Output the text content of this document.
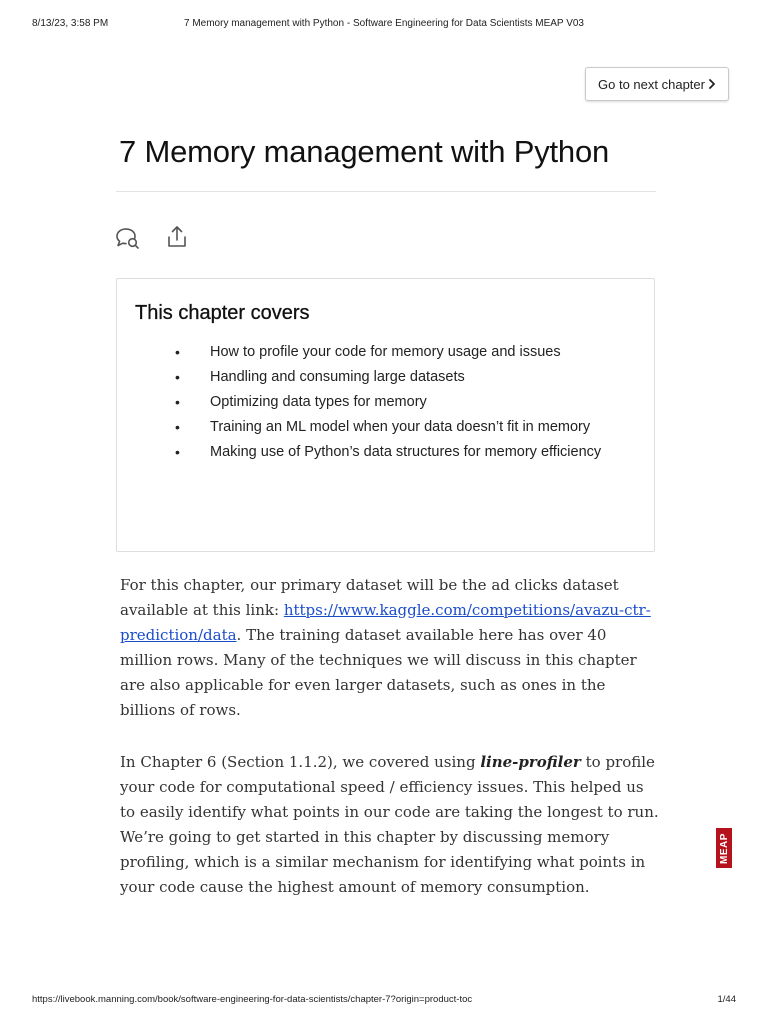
8/13/23, 3:58 PM	7 Memory management with Python - Software Engineering for Data Scientists MEAP V03
Go to next chapter
7 Memory management with Python
This chapter covers
• How to profile your code for memory usage and issues
• Handling and consuming large datasets
• Optimizing data types for memory
• Training an ML model when your data doesn’t fit in memory
• Making use of Python’s data structures for memory efficiency

For this chapter, our primary dataset will be the ad clicks dataset available at this link: https://www.kaggle.com/competitions/avazu-ctr-prediction/data. The training dataset available here has over 40 million rows. Many of the techniques we will discuss in this chapter are also applicable for even larger datasets, such as ones in the billions of rows.

In Chapter 6 (Section 1.1.2), we covered using line-profiler to profile your code for computational speed / efficiency issues. This helped us to easily identify what points in our code are taking the longest to run. We’re going to get started in this chapter by discussing memory profiling, which is a similar mechanism for identifying what points in your code cause the highest amount of memory consumption.

MEAP
https://livebook.manning.com/book/software-engineering-for-data-scientists/chapter-7?origin=product-toc	1/44
